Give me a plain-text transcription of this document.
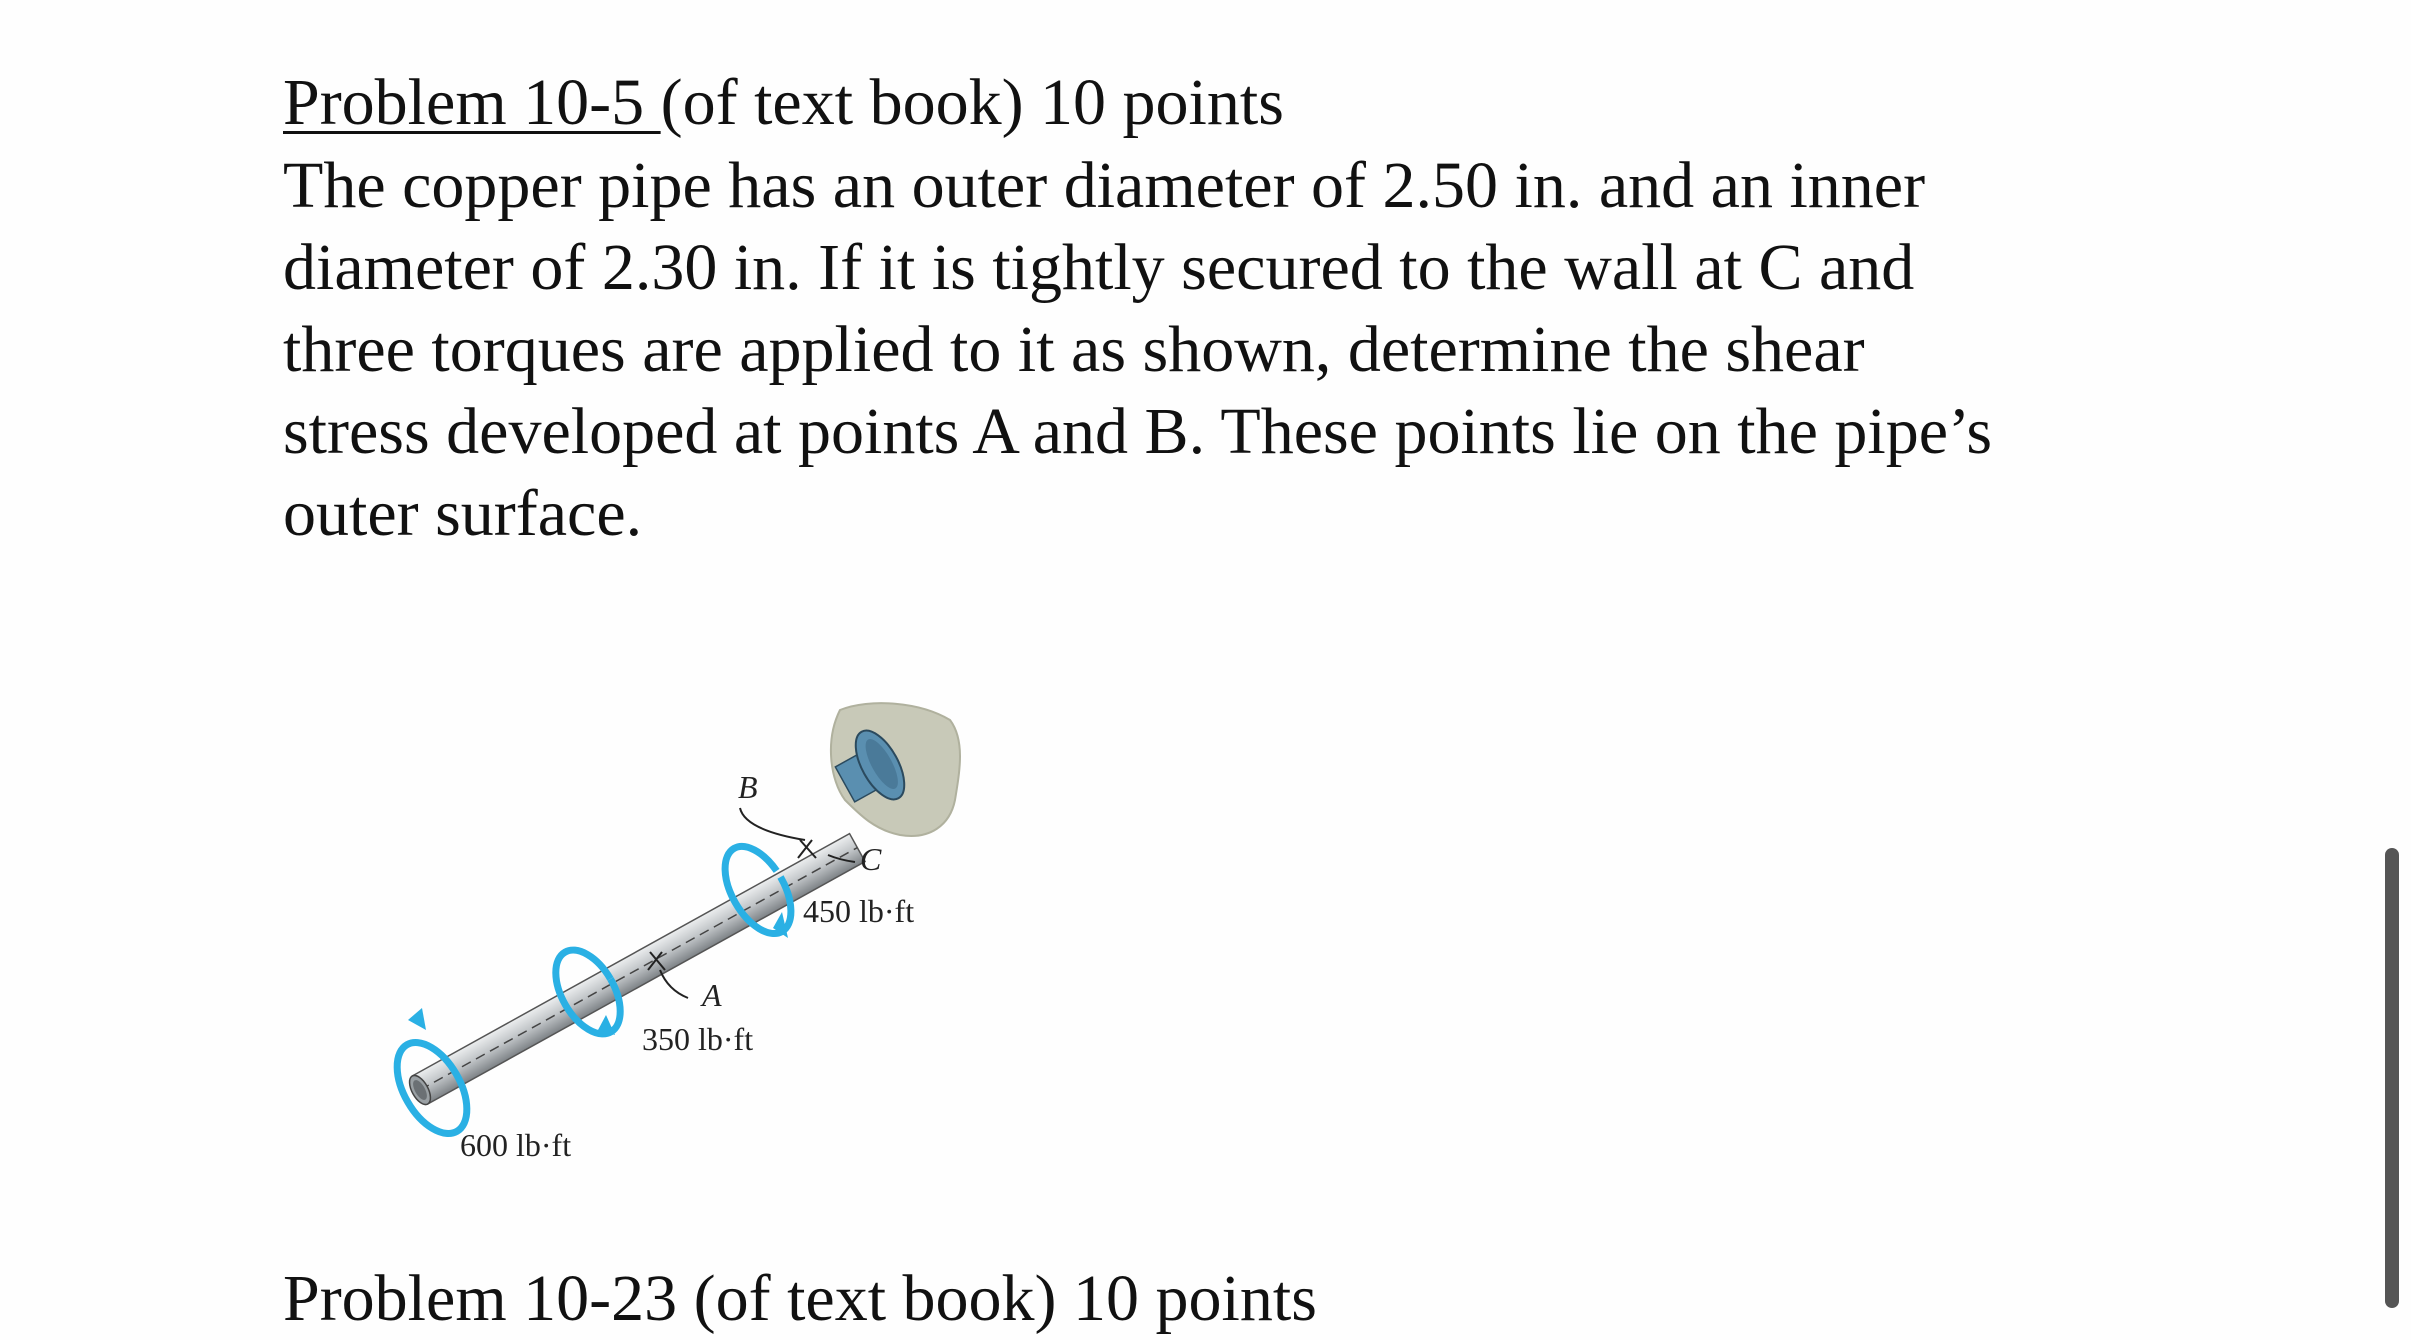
Problem 10-5 (of text book) 10 points

The copper pipe has an outer diameter of 2.50 in. and an inner
diameter of 2.30 in. If it is tightly secured to the wall at C and
three torques are applied to it as shown, determine the shear
stress developed at points A and B. These points lie on the pipe’s
outer surface.

B
C
A
450 lb·ft
350 lb·ft
600 lb·ft
Problem 10-23 (of text book) 10 points
